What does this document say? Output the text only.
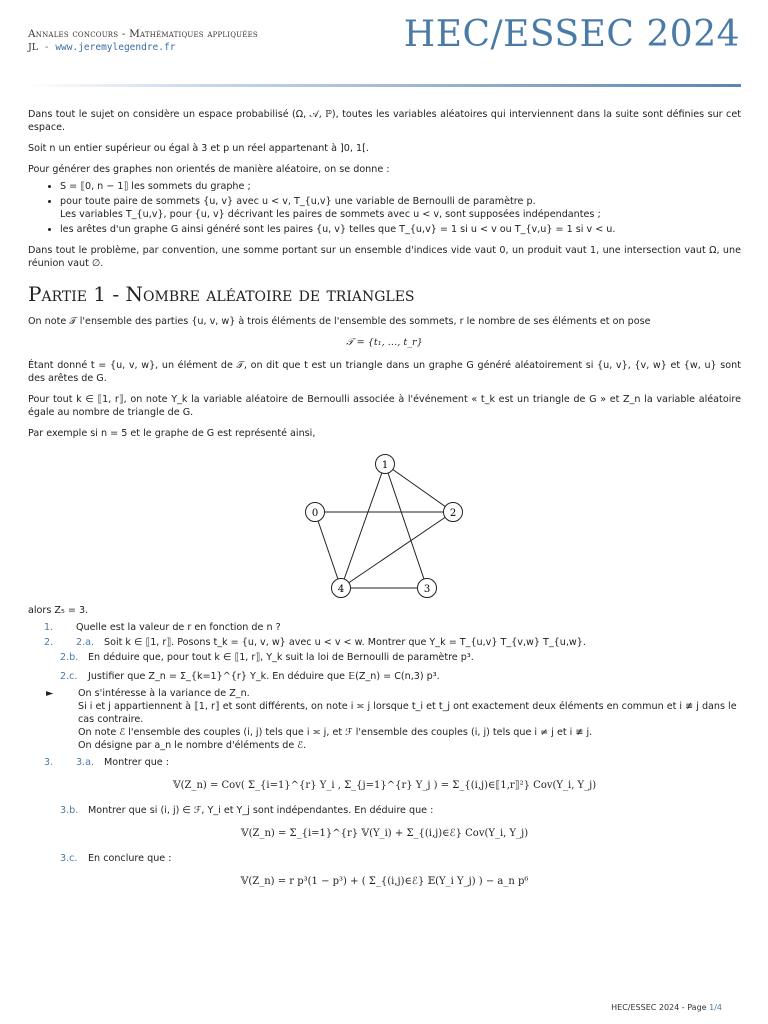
Annales concours - Mathématiques appliquées
JL - www.jeremylegendre.fr	HEC/ESSEC 2024

Dans tout le sujet on considère un espace probabilisé (Ω, 𝒜, ℙ), toutes les variables aléatoires qui interviennent dans la suite sont définies sur cet espace.

Soit n un entier supérieur ou égal à 3 et p un réel appartenant à ]0, 1[.

Pour générer des graphes non orientés de manière aléatoire, on se donne :

• S = ⟦0, n − 1⟧ les sommets du graphe ;
• pour toute paire de sommets {u, v} avec u < v, T_{u,v} une variable de Bernoulli de paramètre p.
Les variables T_{u,v}, pour {u, v} décrivant les paires de sommets avec u < v, sont supposées indépendantes ;
• les arêtes d'un graphe G ainsi généré sont les paires {u, v} telles que T_{u,v} = 1 si u < v ou T_{v,u} = 1 si v < u.

Dans tout le problème, par convention, une somme portant sur un ensemble d'indices vide vaut 0, un produit vaut 1, une intersection vaut Ω, une réunion vaut ∅.

Partie 1 - Nombre aléatoire de triangles

On note 𝒯 l'ensemble des parties {u, v, w} à trois éléments de l'ensemble des sommets, r le nombre de ses éléments et on pose

𝒯 = {t₁, …, t_r}

Étant donné t = {u, v, w}, un élément de 𝒯, on dit que t est un triangle dans un graphe G généré aléatoirement si {u, v}, {v, w} et {w, u} sont des arêtes de G.

Pour tout k ∈ ⟦1, r⟧, on note Y_k la variable aléatoire de Bernoulli associée à l'événement « t_k est un triangle de G » et Z_n la variable aléatoire égale au nombre de triangle de G.

Par exemple si n = 5 et le graphe de G est représenté ainsi,

0
1
2
3
4

alors Z₅ = 3.

1.	Quelle est la valeur de r en fonction de n ?
2.	2.a.	Soit k ∈ ⟦1, r⟧. Posons t_k = {u, v, w} avec u < v < w. Montrer que Y_k = T_{u,v} T_{v,w} T_{u,w}.
2.b.	En déduire que, pour tout k ∈ ⟦1, r⟧, Y_k suit la loi de Bernoulli de paramètre p³.
2.c.	Justifier que Z_n = Σ_{k=1}^{r} Y_k. En déduire que 𝔼(Z_n) = C(n,3) p³.
►	On s'intéresse à la variance de Z_n.
Si i et j appartiennent à ⟦1, r⟧ et sont différents, on note i ≍ j lorsque t_i et t_j ont exactement deux éléments en commun et i ≢ j dans le cas contraire.
On note ℰ l'ensemble des couples (i, j) tels que i ≍ j, et ℱ l'ensemble des couples (i, j) tels que i ≠ j et i ≢ j.
On désigne par a_n le nombre d'éléments de ℰ.
3.	3.a.	Montrer que :
𝕍(Z_n) = Cov( Σ_{i=1}^{r} Y_i , Σ_{j=1}^{r} Y_j ) = Σ_{(i,j)∈⟦1,r⟧²} Cov(Y_i, Y_j)
3.b.	Montrer que si (i, j) ∈ ℱ, Y_i et Y_j sont indépendantes. En déduire que :
𝕍(Z_n) = Σ_{i=1}^{r} 𝕍(Y_i) + Σ_{(i,j)∈ℰ} Cov(Y_i, Y_j)
3.c.	En conclure que :
𝕍(Z_n) = r p³(1 − p³) + ( Σ_{(i,j)∈ℰ} 𝔼(Y_i Y_j) ) − a_n p⁶
HEC/ESSEC 2024 - Page 1/4
